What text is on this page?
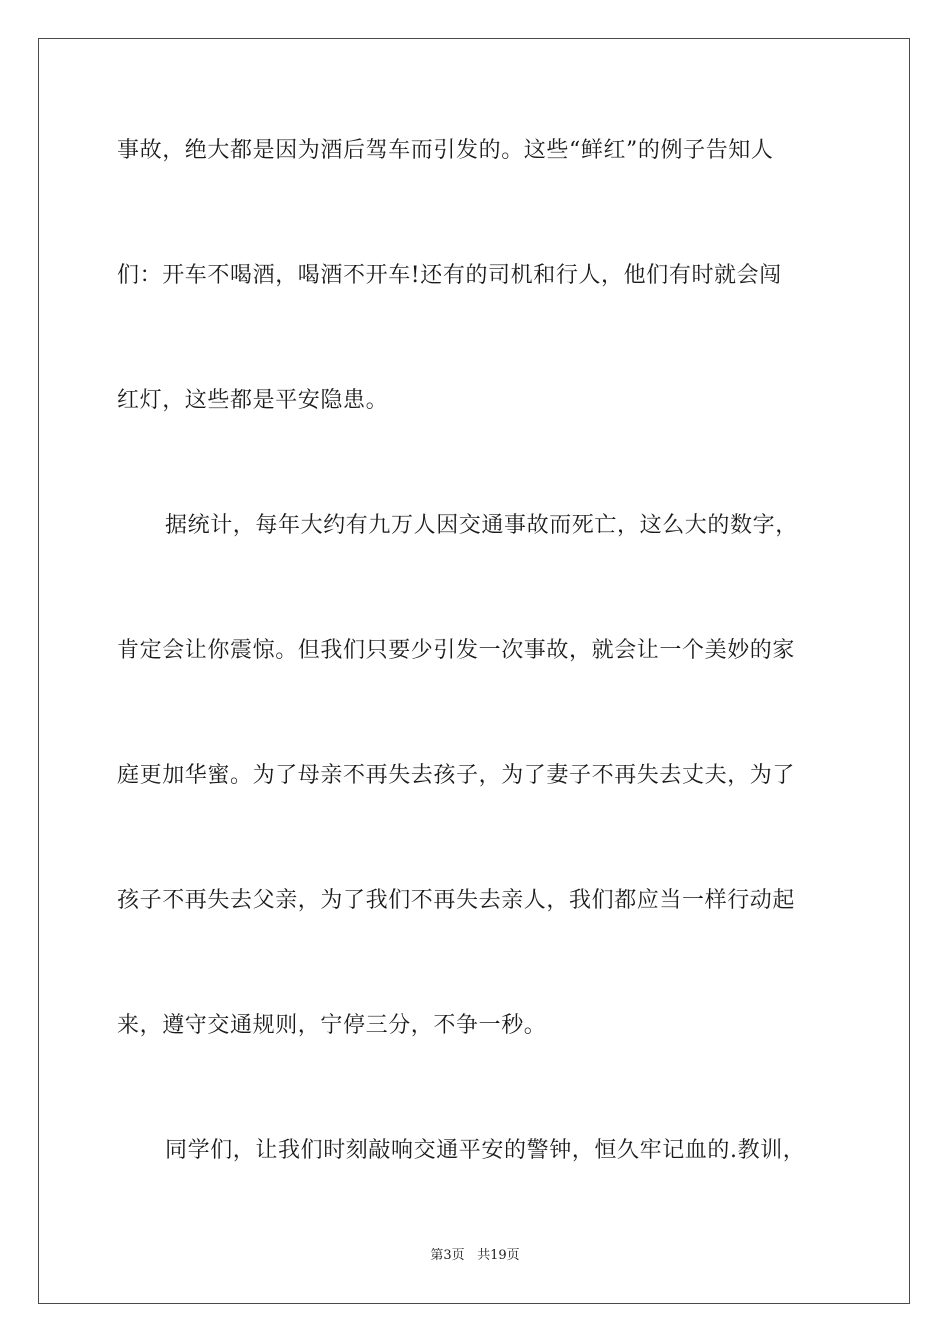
事故，绝大都是因为酒后驾车而引发的。这些“鲜红”的例子告知人
们：开车不喝酒，喝酒不开车!还有的司机和行人，他们有时就会闯
红灯，这些都是平安隐患。
据统计，每年大约有九万人因交通事故而死亡，这么大的数字，
肯定会让你震惊。但我们只要少引发一次事故，就会让一个美妙的家
庭更加华蜜。为了母亲不再失去孩子，为了妻子不再失去丈夫，为了
孩子不再失去父亲，为了我们不再失去亲人，我们都应当一样行动起
来，遵守交通规则，宁停三分，不争一秒。
同学们，让我们时刻敲响交通平安的警钟，恒久牢记血的.教训，
第3页 共19页
